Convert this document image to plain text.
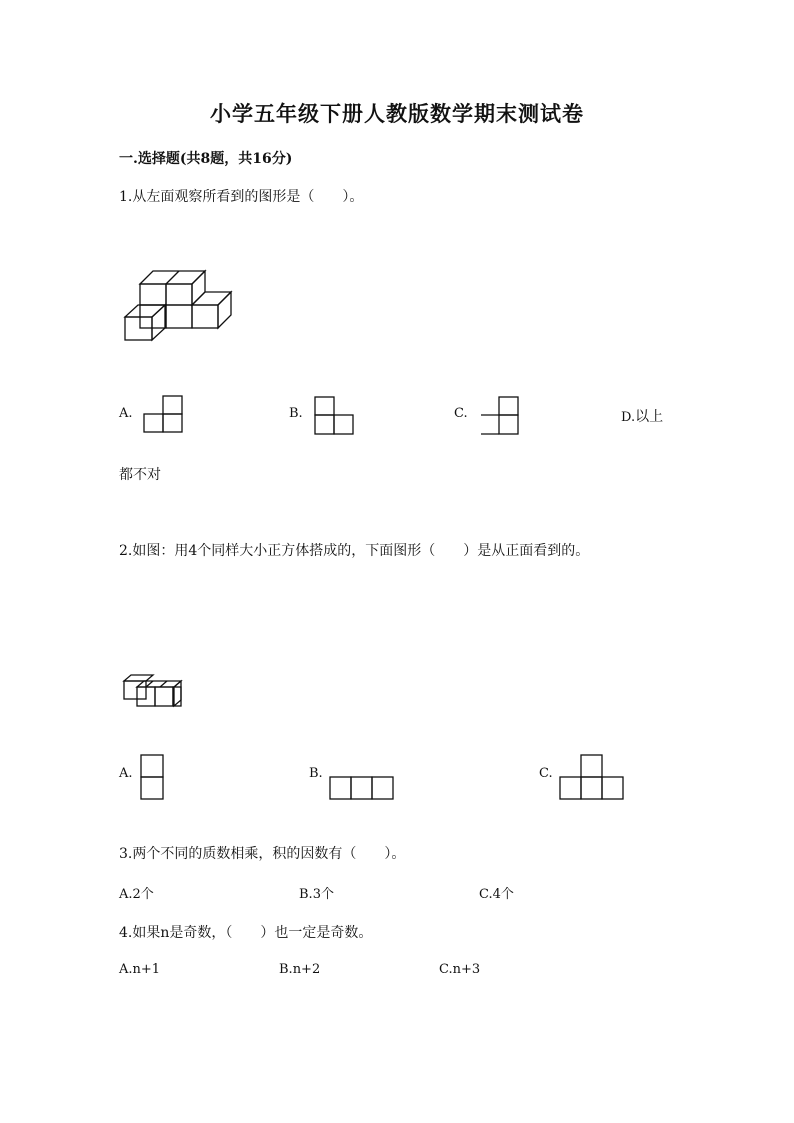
小学五年级下册人教版数学期末测试卷
一.选择题(共8题，共16分)
1.从左面观察所看到的图形是（　　）。
A.	B.	C.	D.以上
都不对
2.如图：用4个同样大小正方体搭成的，下面图形（　　）是从正面看到的。
A.	B.	C.
3.两个不同的质数相乘，积的因数有（　　）。
A.2个	B.3个	C.4个
4.如果n是奇数，（　　）也一定是奇数。
A.n+1	B.n+2	C.n+3
